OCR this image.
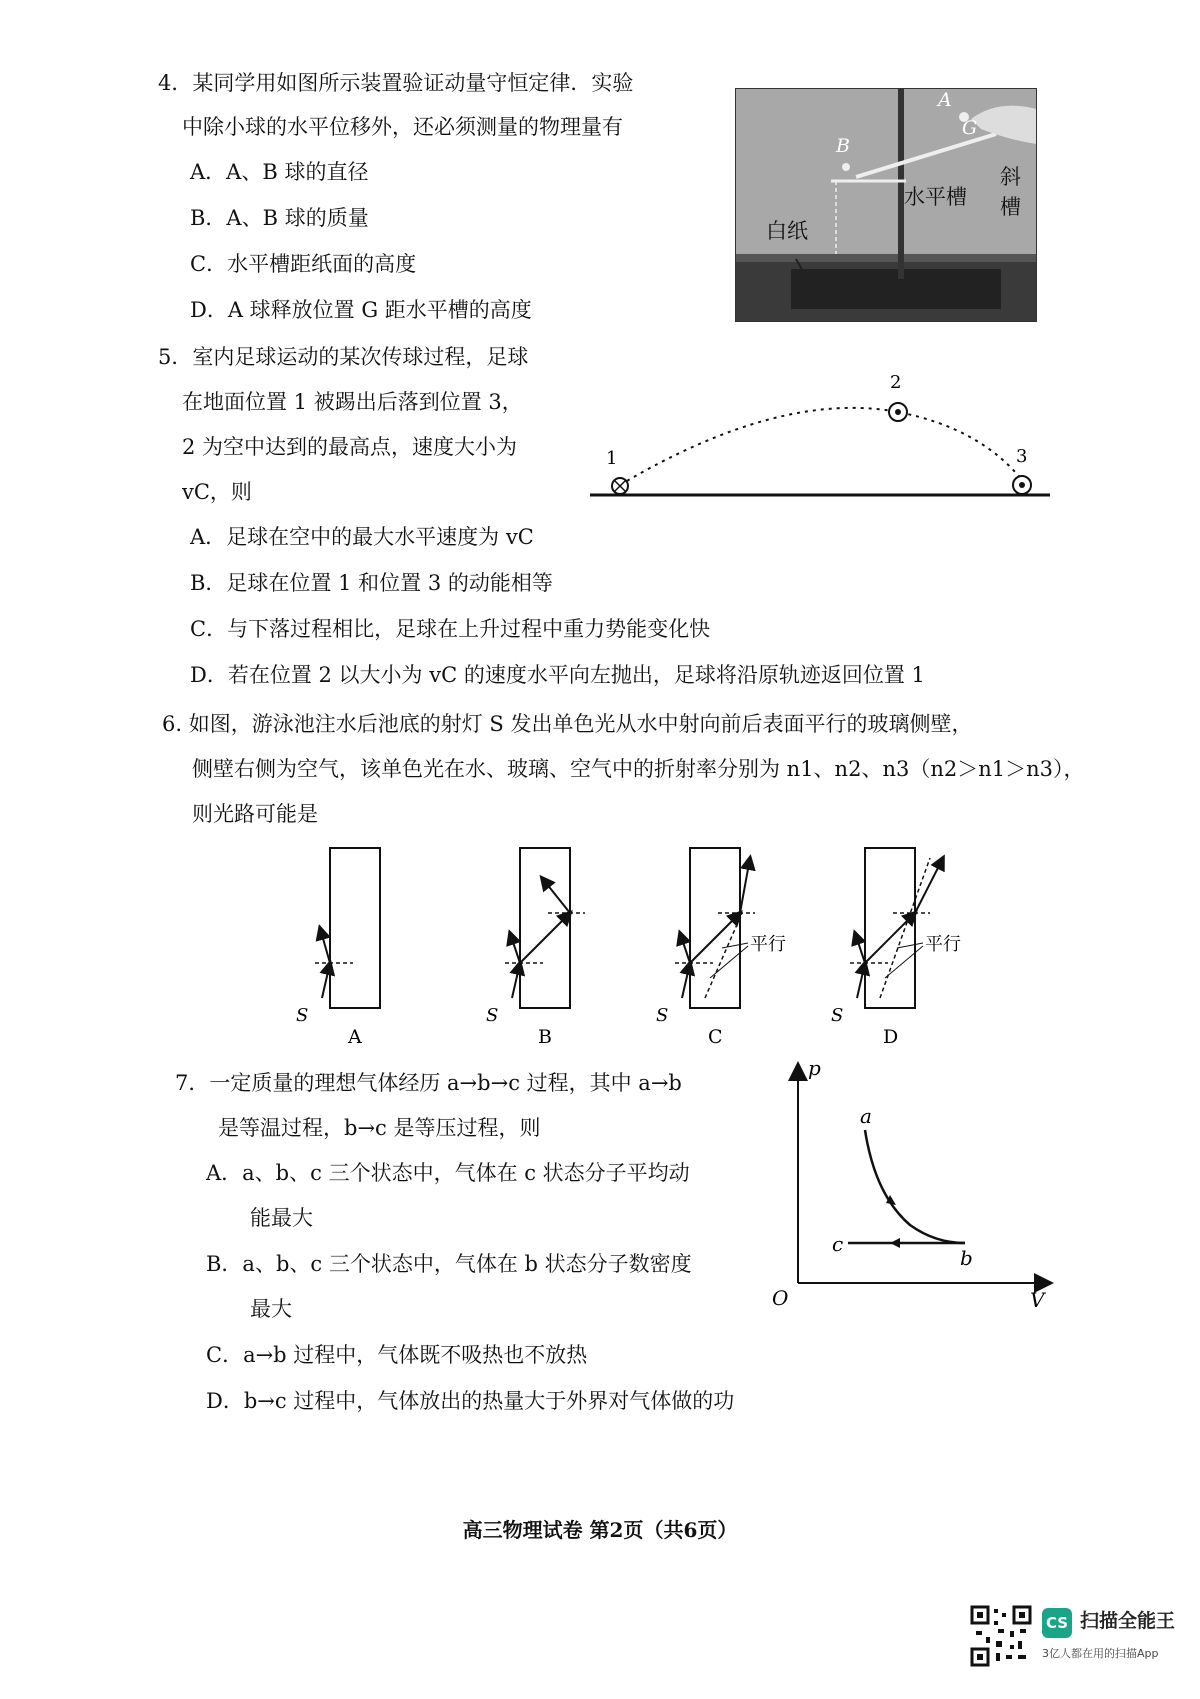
4．某同学用如图所示装置验证动量守恒定律．实验
中除小球的水平位移外，还必须测量的物理量有
A．A、B 球的直径
B．A、B 球的质量
C．水平槽距纸面的高度
D．A 球释放位置 G 距水平槽的高度
A
G
B
斜槽
水平槽
白纸
5．室内足球运动的某次传球过程，足球
在地面位置 1 被踢出后落到位置 3，
2 为空中达到的最高点，速度大小为
vC，则
A．足球在空中的最大水平速度为 vC
B．足球在位置 1 和位置 3 的动能相等
C．与下落过程相比，足球在上升过程中重力势能变化快
D．若在位置 2 以大小为 vC 的速度水平向左抛出，足球将沿原轨迹返回位置 1
1
2
3
6. 如图，游泳池注水后池底的射灯 S 发出单色光从水中射向前后表面平行的玻璃侧壁，
侧壁右侧为空气，该单色光在水、玻璃、空气中的折射率分别为 n1、n2、n3（n2＞n1＞n3），
则光路可能是
S
A
S
B
平行
S
C
平行
S
D
7．一定质量的理想气体经历 a→b→c 过程，其中 a→b
是等温过程，b→c 是等压过程，则
A．a、b、c 三个状态中，气体在 c 状态分子平均动
能最大
B．a、b、c 三个状态中，气体在 b 状态分子数密度
最大
C．a→b 过程中，气体既不吸热也不放热
D．b→c 过程中，气体放出的热量大于外界对气体做的功
p
V
O
a
b
c
高三物理试卷 第2页（共6页）
CS 扫描全能王
3亿人都在用的扫描App
